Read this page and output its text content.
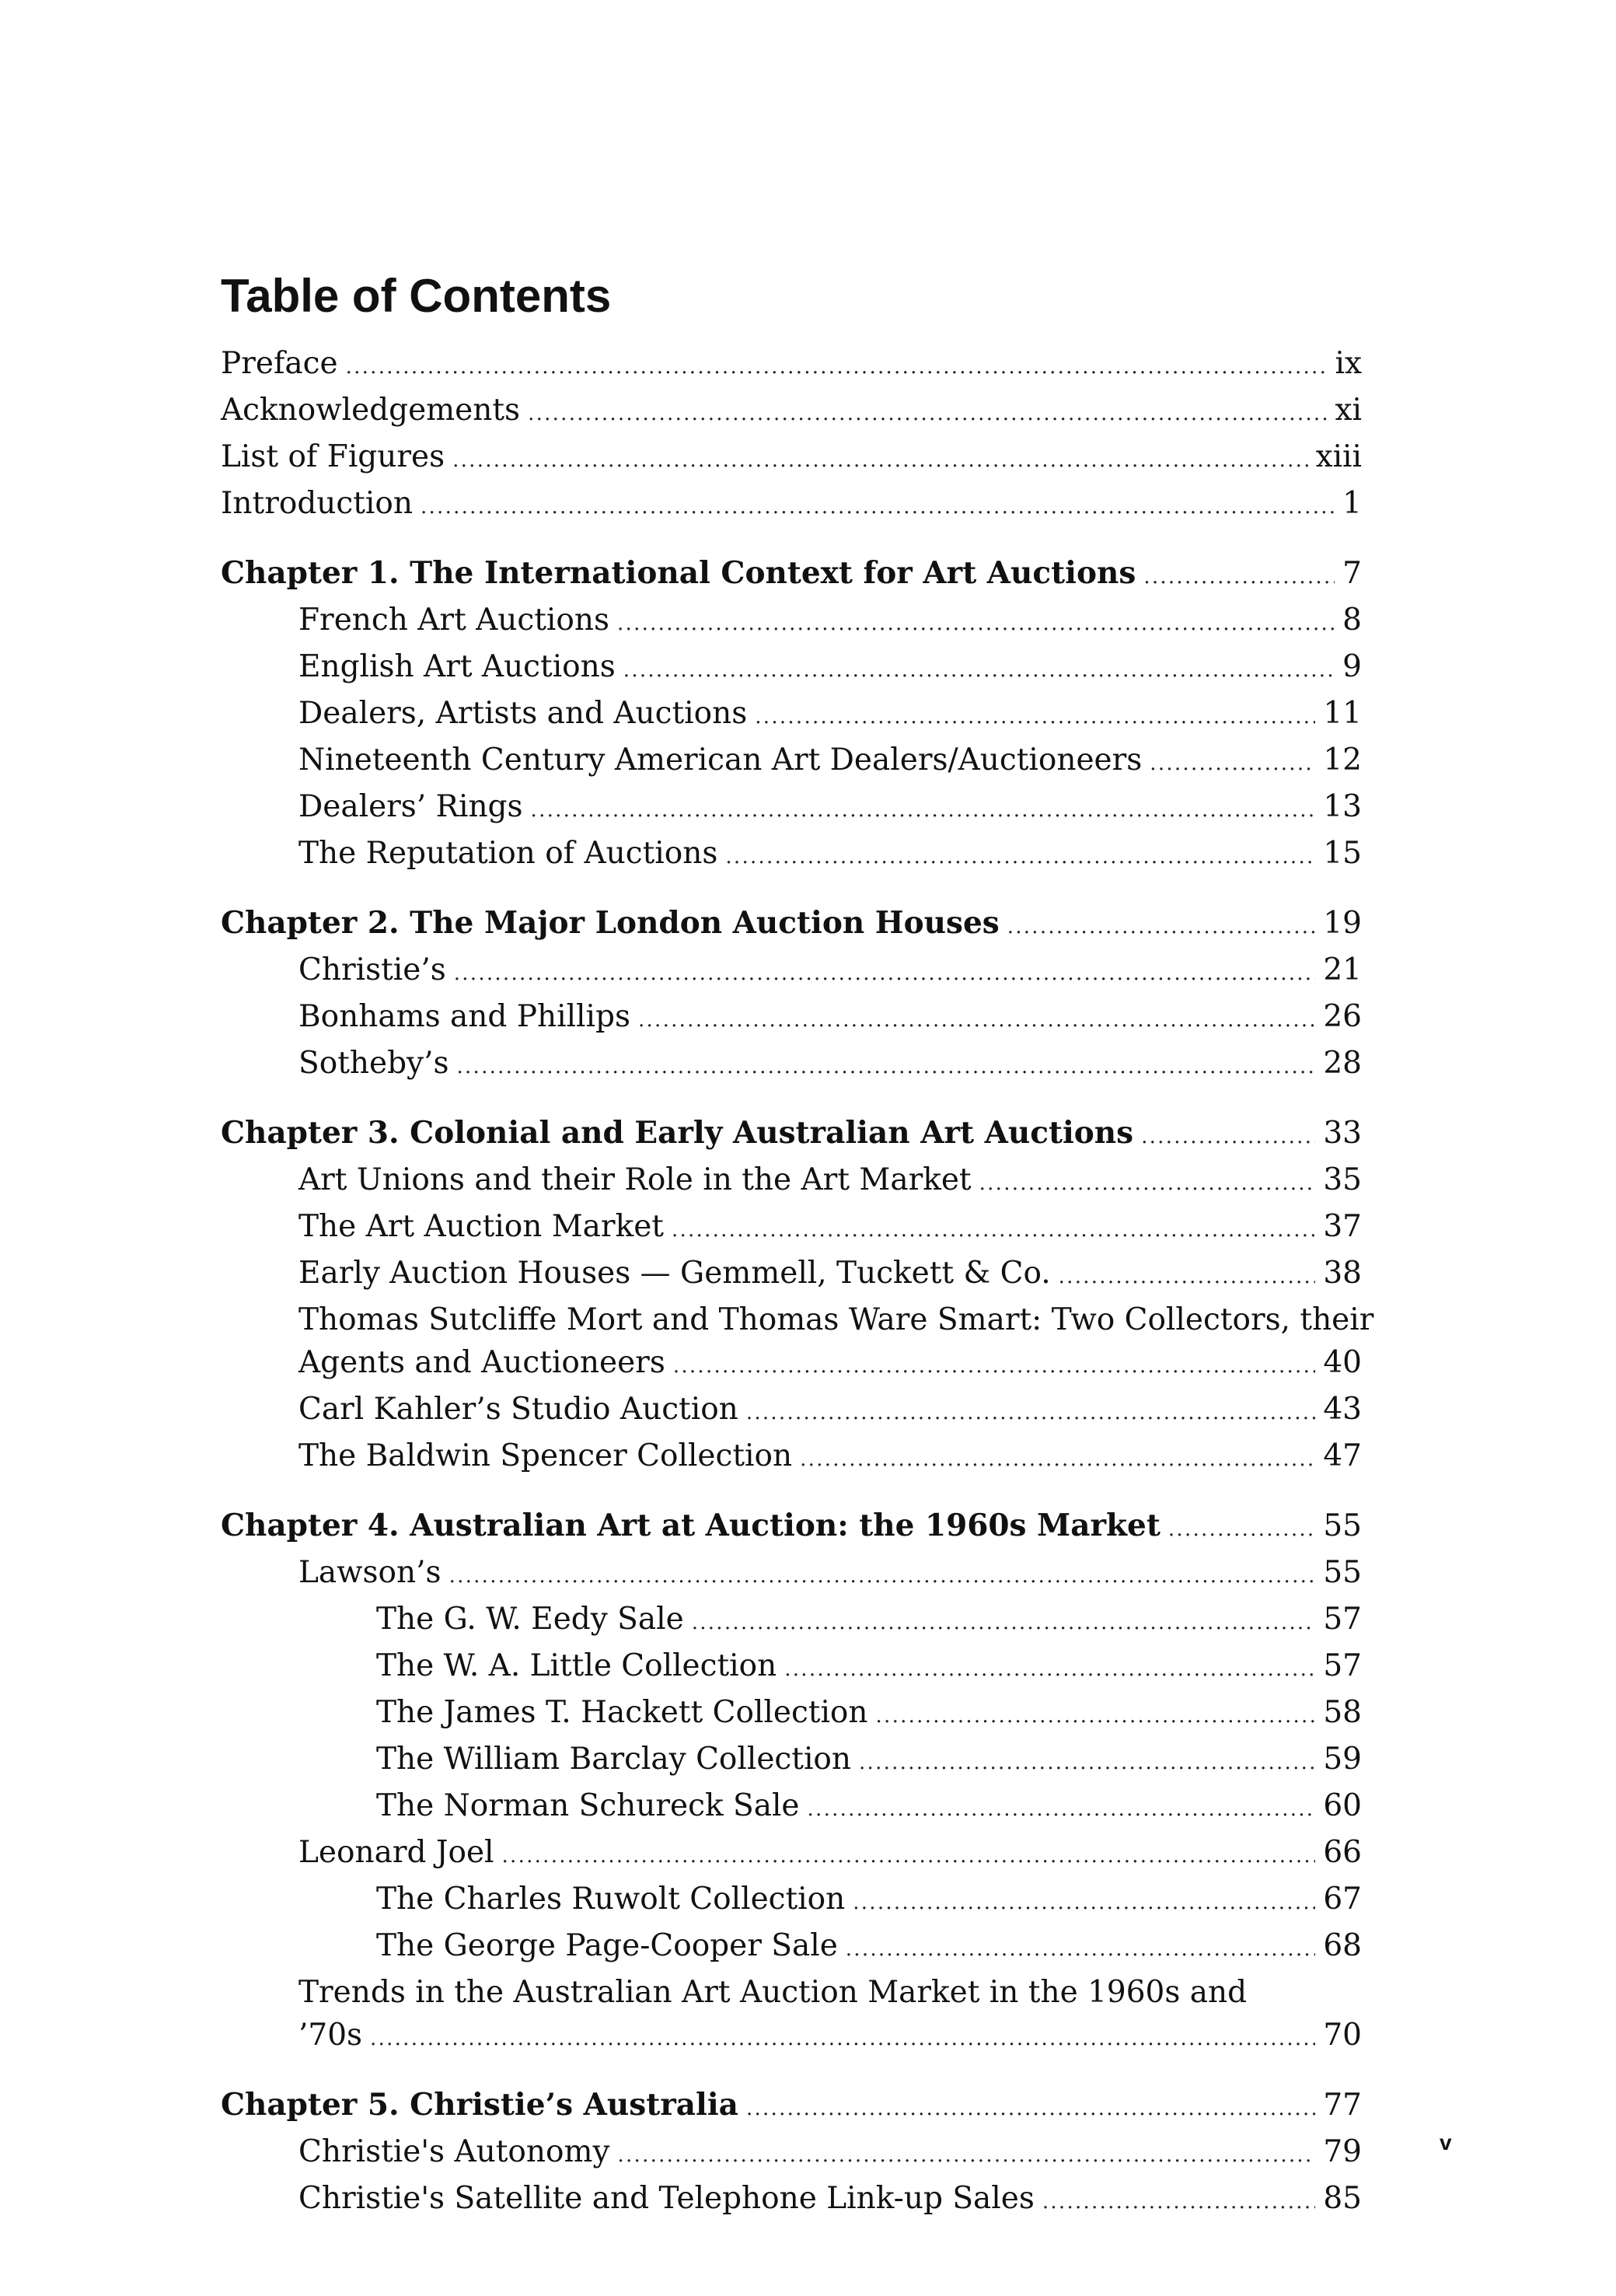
Table of Contents
Preface . . .	ix
Acknowledgements . . .	xi
List of Figures . . .	xiii
Introduction . . .	1
Chapter 1. The International Context for Art Auctions . . .	7
French Art Auctions . . .	8
English Art Auctions . . .	9
Dealers, Artists and Auctions . . .	11
Nineteenth Century American Art Dealers/Auctioneers . . .	12
Dealers’ Rings . . .	13
The Reputation of Auctions . . .	15
Chapter 2. The Major London Auction Houses . . .	19
Christie’s . . .	21
Bonhams and Phillips . . .	26
Sotheby’s . . .	28
Chapter 3. Colonial and Early Australian Art Auctions . . .	33
Art Unions and their Role in the Art Market . . .	35
The Art Auction Market . . .	37
Early Auction Houses — Gemmell, Tuckett & Co. . . .	38
Thomas Sutcliffe Mort and Thomas Ware Smart: Two Collectors, their
Agents and Auctioneers . . .	40
Carl Kahler’s Studio Auction . . .	43
The Baldwin Spencer Collection . . .	47
Chapter 4. Australian Art at Auction: the 1960s Market . . .	55
Lawson’s . . .	55
The G. W. Eedy Sale . . .	57
The W. A. Little Collection . . .	57
The James T. Hackett Collection . . .	58
The William Barclay Collection . . .	59
The Norman Schureck Sale . . .	60
Leonard Joel . . .	66
The Charles Ruwolt Collection . . .	67
The George Page-Cooper Sale . . .	68
Trends in the Australian Art Auction Market in the 1960s and
’70s . . .	70
Chapter 5. Christie’s Australia . . .	77
Christie's Autonomy . . .	79
Christie's Satellite and Telephone Link-up Sales . . .	85
v
